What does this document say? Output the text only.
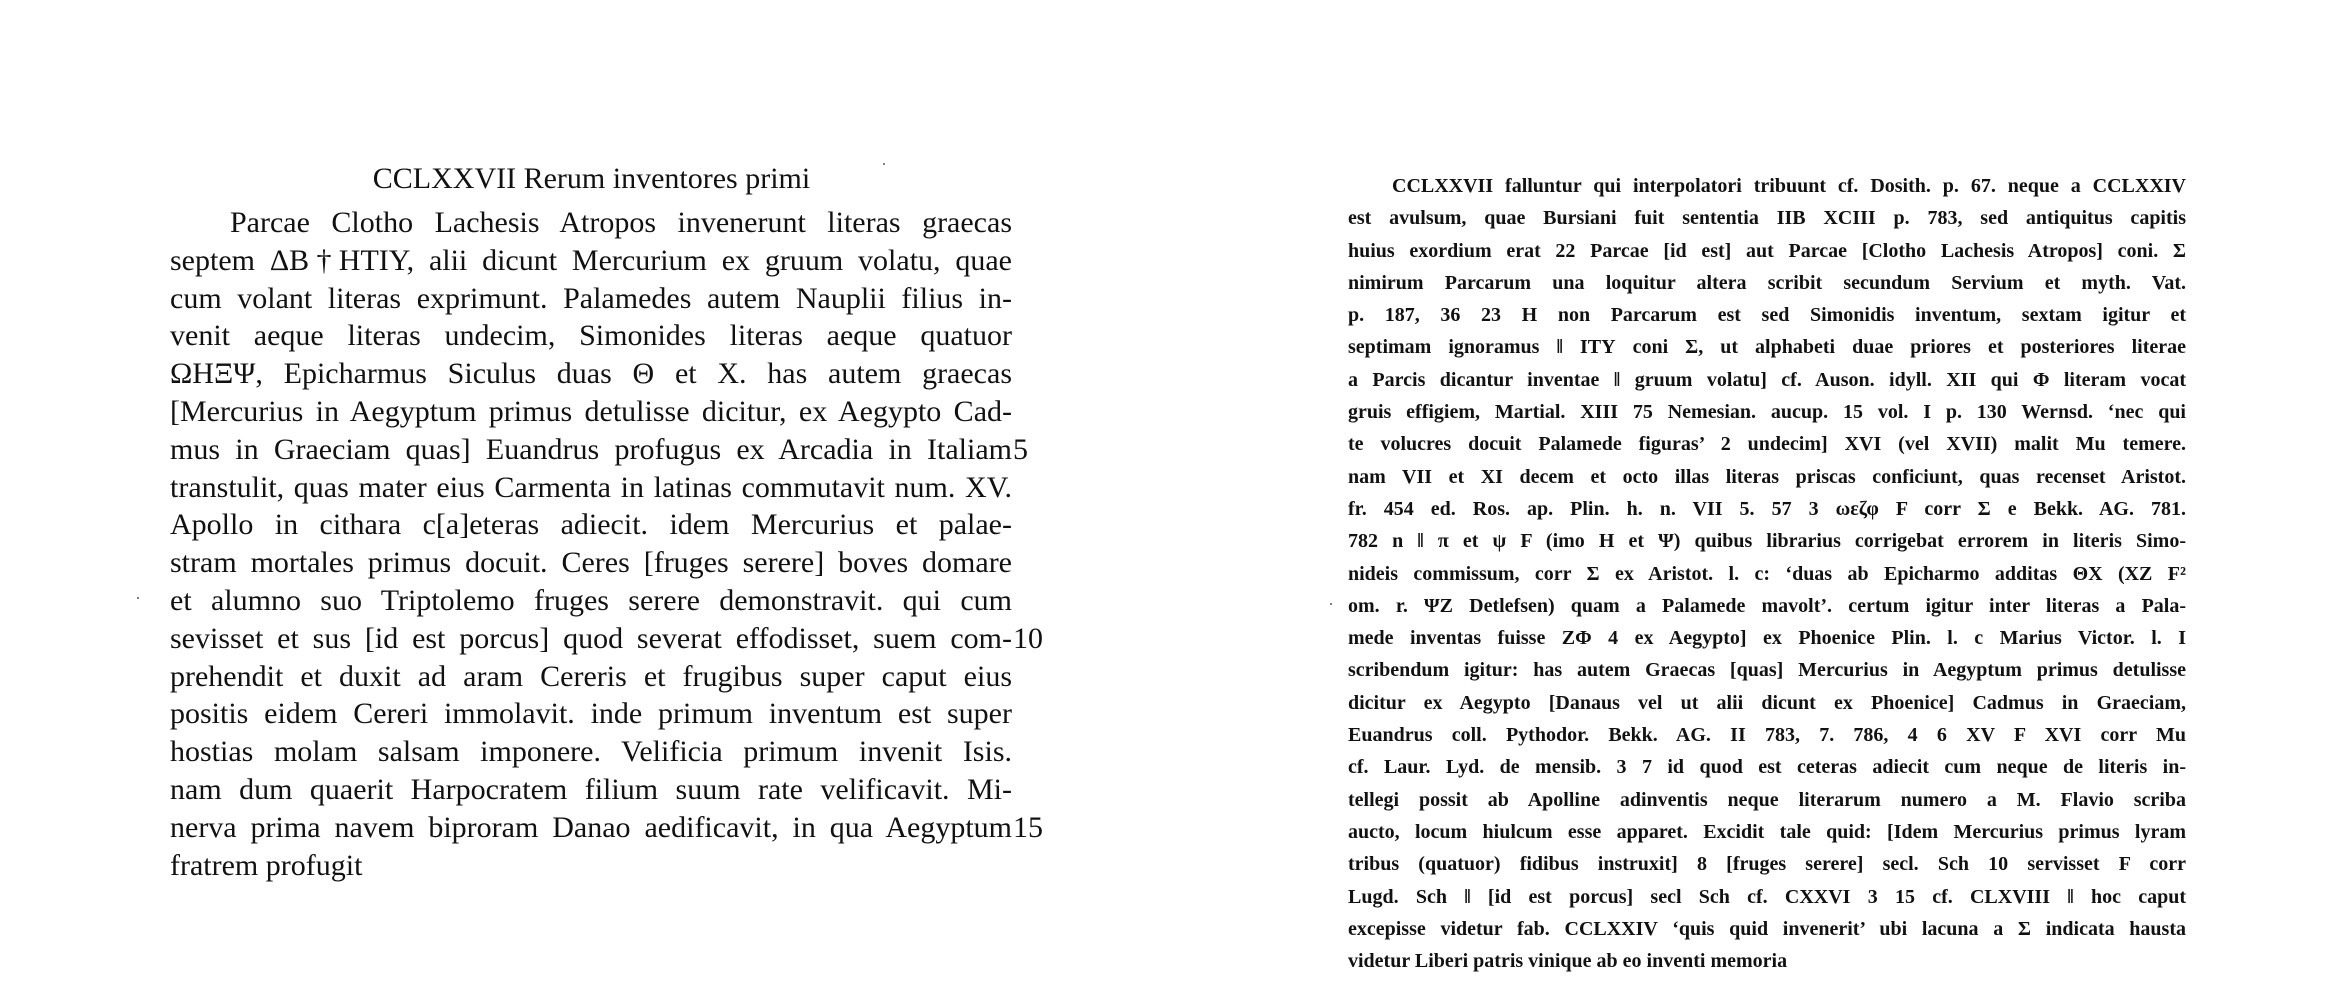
CCLXXVII Rerum inventores primi
Parcae Clotho Lachesis Atropos invenerunt literas graecas
septem ΔΒ†ΗΤΙΥ, alii dicunt Mercurium ex gruum volatu, quae
cum volant literas exprimunt. Palamedes autem Nauplii filius in-
venit aeque literas undecim, Simonides literas aeque quatuor
ΩΗΞΨ, Epicharmus Siculus duas Θ et Χ. has autem graecas
[Mercurius in Aegyptum primus detulisse dicitur, ex Aegypto Cad-
mus in Graeciam quas] Euandrus profugus ex Arcadia in Italiam 5
transtulit, quas mater eius Carmenta in latinas commutavit num. XV.
Apollo in cithara c[a]eteras adiecit. idem Mercurius et palae-
stram mortales primus docuit. Ceres [fruges serere] boves domare
et alumno suo Triptolemo fruges serere demonstravit. qui cum
sevisset et sus [id est porcus] quod severat effodisset, suem com- 10
prehendit et duxit ad aram Cereris et frugibus super caput eius
positis eidem Cereri immolavit. inde primum inventum est super
hostias molam salsam imponere. Velificia primum invenit Isis.
nam dum quaerit Harpocratem filium suum rate velificavit. Mi-
nerva prima navem biproram Danao aedificavit, in qua Aegyptum 15
fratrem profugit
CCLXXVII falluntur qui interpolatori tribuunt cf. Dosith. p. 67. neque a CCLXXIV
est avulsum, quae Bursiani fuit sententia IIB XCIII p. 783, sed antiquitus capitis
huius exordium erat 22 Parcae [id est] aut Parcae [Clotho Lachesis Atropos] coni. Σ
nimirum Parcarum una loquitur altera scribit secundum Servium et myth. Vat.
p. 187, 36 23 H non Parcarum est sed Simonidis inventum, sextam igitur et
septimam ignoramus ‖ ΙΤΥ coni Σ, ut alphabeti duae priores et posteriores literae
a Parcis dicantur inventae ‖ gruum volatu] cf. Auson. idyll. XII qui Φ literam vocat
gruis effigiem, Martial. XIII 75 Nemesian. aucup. 15 vol. I p. 130 Wernsd. ‘nec qui
te volucres docuit Palamede figuras’ 2 undecim] XVI (vel XVII) malit Mu temere.
nam VII et XI decem et octo illas literas priscas conficiunt, quas recenset Aristot.
fr. 454 ed. Ros. ap. Plin. h. n. VII 5. 57 3 ωεζφ F corr Σ e Bekk. AG. 781.
782 n ‖ π et ψ F (imo H et Ψ) quibus librarius corrigebat errorem in literis Simo-
nideis commissum, corr Σ ex Aristot. l. c: ‘duas ab Epicharmo additas ΘΧ (ΧΖ F²
om. r. ΨΖ Detlefsen) quam a Palamede mavolt’. certum igitur inter literas a Pala-
mede inventas fuisse ΖΦ 4 ex Aegypto] ex Phoenice Plin. l. c Marius Victor. l. I
scribendum igitur: has autem Graecas [quas] Mercurius in Aegyptum primus detulisse
dicitur ex Aegypto [Danaus vel ut alii dicunt ex Phoenice] Cadmus in Graeciam,
Euandrus coll. Pythodor. Bekk. AG. II 783, 7. 786, 4 6 XV F XVI corr Mu
cf. Laur. Lyd. de mensib. 3 7 id quod est ceteras adiecit cum neque de literis in-
tellegi possit ab Apolline adinventis neque literarum numero a M. Flavio scriba
aucto, locum hiulcum esse apparet. Excidit tale quid: [Idem Mercurius primus lyram
tribus (quatuor) fidibus instruxit] 8 [fruges serere] secl. Sch 10 servisset F corr
Lugd. Sch ‖ [id est porcus] secl Sch cf. CXXVI 3 15 cf. CLXVIII ‖ hoc caput
excepisse videtur fab. CCLXXIV ‘quis quid invenerit’ ubi lacuna a Σ indicata hausta
videtur Liberi patris vinique ab eo inventi memoria
